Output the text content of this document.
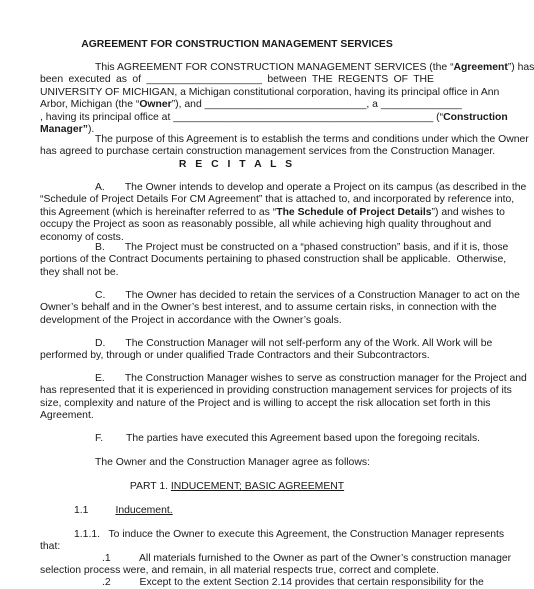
AGREEMENT FOR CONSTRUCTION MANAGEMENT SERVICES
This AGREEMENT FOR CONSTRUCTION MANAGEMENT SERVICES (the “Agreement”) has
been executed as of ____________________ between THE REGENTS OF THE
UNIVERSITY OF MICHIGAN, a Michigan constitutional corporation, having its principal office in Ann
Arbor, Michigan (the “Owner”), and ____________________________, a ______________
, having its principal office at _____________________________________________ (“Construction
Manager”).
The purpose of this Agreement is to establish the terms and conditions under which the Owner
has agreed to purchase certain construction management services from the Construction Manager.
R E C I T A L S
A.       The Owner intends to develop and operate a Project on its campus (as described in the
“Schedule of Project Details For CM Agreement” that is attached to, and incorporated by reference into,
this Agreement (which is hereinafter referred to as “The Schedule of Project Details”) and wishes to
occupy the Project as soon as reasonably possible, all while achieving high quality throughout and
economy of costs.
B.       The Project must be constructed on a “phased construction” basis, and if it is, those
portions of the Contract Documents pertaining to phased construction shall be applicable.  Otherwise,
they shall not be.
C.       The Owner has decided to retain the services of a Construction Manager to act on the
Owner’s behalf and in the Owner’s best interest, and to assume certain risks, in connection with the
development of the Project in accordance with the Owner’s goals.
D.       The Construction Manager will not self-perform any of the Work. All Work will be
performed by, through or under qualified Trade Contractors and their Subcontractors.
E.       The Construction Manager wishes to serve as construction manager for the Project and
has represented that it is experienced in providing construction management services for projects of its
size, complexity and nature of the Project and is willing to accept the risk allocation set forth in this
Agreement.
F.        The parties have executed this Agreement based upon the foregoing recitals.
The Owner and the Construction Manager agree as follows:
PART 1. INDUCEMENT; BASIC AGREEMENT
1.1	Inducement.
1.1.1.   To induce the Owner to execute this Agreement, the Construction Manager represents
that:
.1          All materials furnished to the Owner as part of the Owner’s construction manager
selection process were, and remain, in all material respects true, correct and complete.
.2          Except to the extent Section 2.14 provides that certain responsibility for the
